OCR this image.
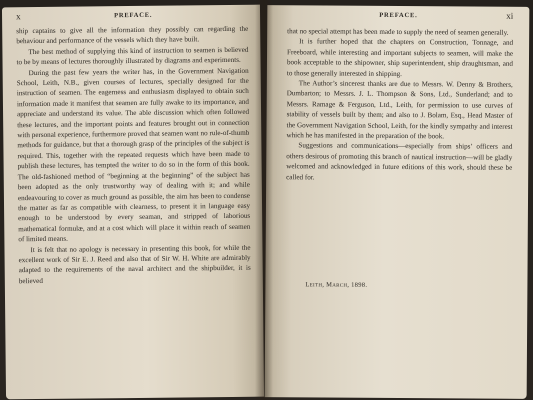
x	PREFACE.

ship captains to give all the information they possibly can regarding the behaviour and performance of the vessels which they have built.

The best method of supplying this kind of instruction to seamen is believed to be by means of lectures thoroughly illustrated by diagrams and experiments.

During the past few years the writer has, in the Government Navigation School, Leith, N.B., given courses of lectures, specially designed for the instruction of seamen. The eagerness and enthusiasm displayed to obtain such information made it manifest that seamen are fully awake to its importance, and appreciate and understand its value. The able discussion which often followed these lectures, and the important points and features brought out in connection with personal experience, furthermore proved that seamen want no rule-of-thumb methods for guidance, but that a thorough grasp of the principles of the subject is required. This, together with the repeated requests which have been made to publish these lectures, has tempted the writer to do so in the form of this book. The old-fashioned method of “beginning at the beginning” of the subject has been adopted as the only trustworthy way of dealing with it; and while endeavouring to cover as much ground as possible, the aim has been to condense the matter as far as compatible with clearness, to present it in language easy enough to be understood by every seaman, and stripped of laborious mathematical formulæ, and at a cost which will place it within reach of seamen of limited means.

It is felt that no apology is necessary in presenting this book, for while the excellent work of Sir E. J. Reed and also that of Sir W. H. White are admirably adapted to the requirements of the naval architect and the shipbuilder, it is believed

PREFACE.	xi

that no special attempt has been made to supply the need of seamen generally.

It is further hoped that the chapters on Construction, Tonnage, and Freeboard, while interesting and important subjects to seamen, will make the book acceptable to the shipowner, ship superintendent, ship draughtsman, and to those generally interested in shipping.

The Author’s sincerest thanks are due to Messrs. W. Denny & Brothers, Dumbarton; to Messrs. J. L. Thompson & Sons, Ltd., Sunderland; and to Messrs. Ramage & Ferguson, Ltd., Leith, for permission to use curves of stability of vessels built by them; and also to J. Bolam, Esq., Head Master of the Government Navigation School, Leith, for the kindly sympathy and interest which he has manifested in the preparation of the book.

Suggestions and communications—especially from ships’ officers and others desirous of promoting this branch of nautical instruction—will be gladly welcomed and acknowledged in future editions of this work, should these be called for.

Leith, March, 1898.
